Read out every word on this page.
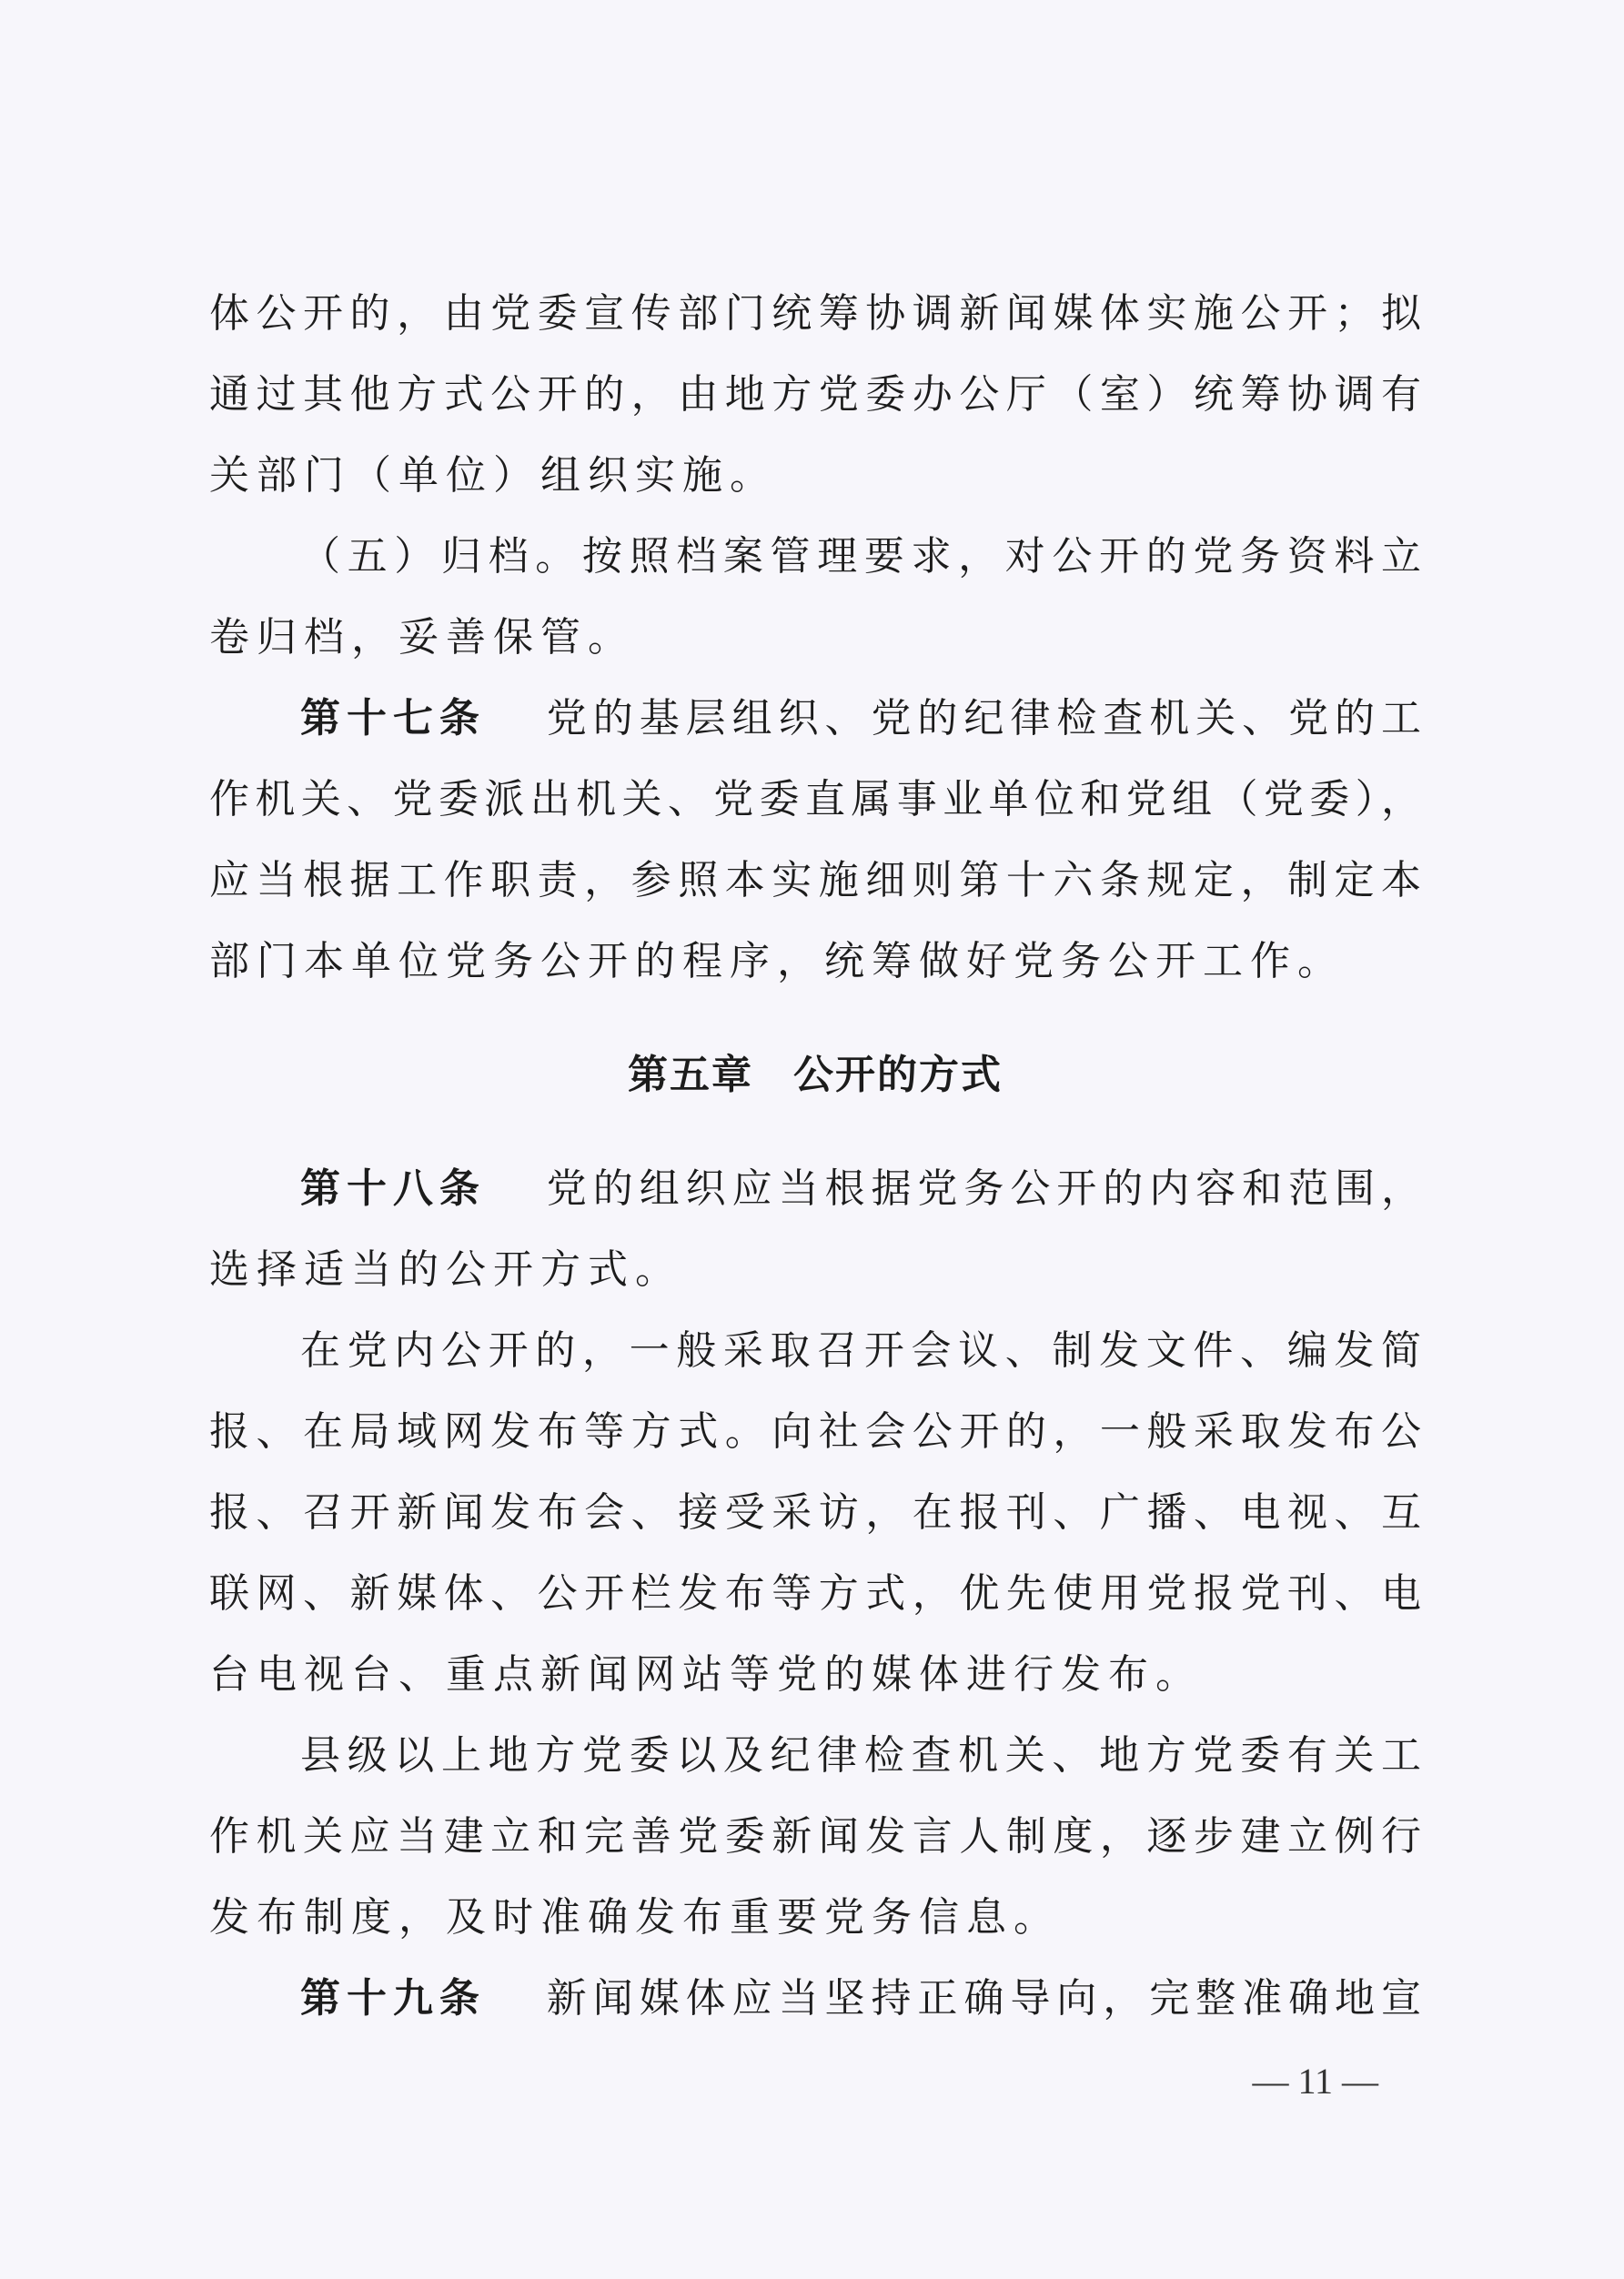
体公开的，由党委宣传部门统筹协调新闻媒体实施公开；拟
通过其他方式公开的，由地方党委办公厅（室）统筹协调有
关部门（单位）组织实施。
（五）归档。按照档案管理要求，对公开的党务资料立
卷归档，妥善保管。
第十七条 党的基层组织、党的纪律检查机关、党的工
作机关、党委派出机关、党委直属事业单位和党组（党委），
应当根据工作职责，参照本实施细则第十六条规定，制定本
部门本单位党务公开的程序，统筹做好党务公开工作。
第五章 公开的方式
第十八条 党的组织应当根据党务公开的内容和范围，
选择适当的公开方式。
在党内公开的，一般采取召开会议、制发文件、编发简
报、在局域网发布等方式。向社会公开的，一般采取发布公
报、召开新闻发布会、接受采访，在报刊、广播、电视、互
联网、新媒体、公开栏发布等方式，优先使用党报党刊、电
台电视台、重点新闻网站等党的媒体进行发布。
县级以上地方党委以及纪律检查机关、地方党委有关工
作机关应当建立和完善党委新闻发言人制度，逐步建立例行
发布制度，及时准确发布重要党务信息。
第十九条 新闻媒体应当坚持正确导向，完整准确地宣
— 11 —
